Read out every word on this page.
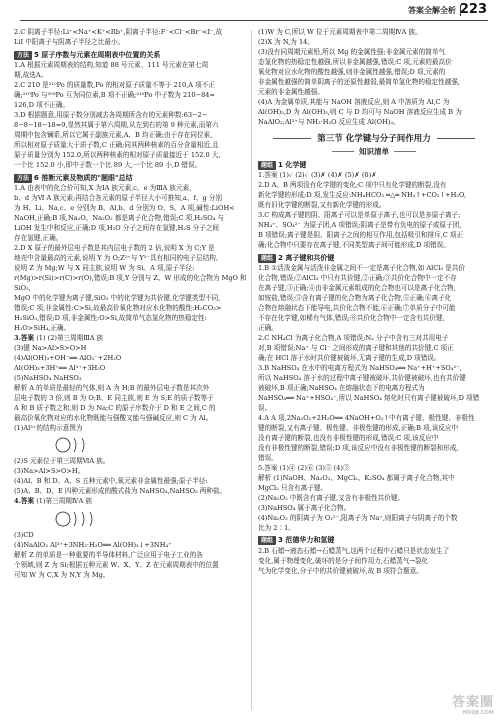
答案全解全析 223

2.C 阴离子半径:Li⁺<Na⁺<K⁺<Rb⁺,阴离子半径:F⁻<Cl⁻<Br⁻<I⁻,故

LiI 中阳离子与阴离子半径之比最小。

方法 5 原子序数与元素在周期表中位置的关系

1.A 根据元素周期表的结构,知道 88 号元素、111 号元素在第七周

期,故选A。

2.C 210 是²¹⁰Po 的质量数,Po 的相对原子质量不等于 210,A 项不正

确;²¹⁰Po 与²⁰⁹Po 互为同位素,B 项不正确;²¹⁰Po 中子数为 210−84=

126,D 项不正确。

3.D 根据题意,用原子数分别减去各周期所含有的元素种数:63−2−

8−8−18−18=9,显然其属于第六周期,从左到右的第 9 种元素,而第六

周期中包含镧系,所以它属于副族元素,A、B 均正确;由于存在同位素,

所以相对原子质量大于质子数,C 正确;同其两种核素的百分含量相近,且

原子质量分别为 152.0,所以两种核素的相对原子质量接近于 152.0 大,

一个比 152.0 小,即中子数一个比 89 大,一个比 89 小,D 错误。

方法 6 推断元素及物质的"题眼"总结

1.A 由表中的化合价可知,X 为ⅠA 族元素,c、e 为ⅢA 族元素,

b、d 为Ⅵ A 族元素;再结合各元素的原子半径大小可推知,a、f、g 分别

为 H、Li、Na,c、e 分别为 B、Al,b、d 分别为 O、S。A 项,碱性:LiOH<

NaOH,正确;B 项,Na₂O、Na₂O₂ 都是离子化合物,错误;C 项,H₂SO₄ 与

LiOH 发生中和反应,正确;D 项,H₂O 分子之间存在氢键,H₂S 分子之间

存在氢键,正确。

2.D X 原子的最外层电子数是其内层电子数的 2 倍,说明 X 为 C;Y 是

地壳中含量最高的元素,说明 Y 为 O;Z²⁺与 Y²⁻具有相同的电子层结构,

说明 Z 为 Mg;W 与 X 同主族,说明 W 为 Si。A 项,原子半径:

r(Mg)>r(Si)>r(C)>r(O),错误;B 项,Y 分别与 Z、W 形成的化合物为 MgO 和 SiO₂,

MgO 中的化学键为离子键,SiO₂ 中的化学键为共价键,化学键类型不同,

错误;C 项,非金属性:C>Si,故最高价氧化物对应水化物的酸性:H₂CO₃>

H₂SiO₃,错误;D 项,非金属性:O>Si,故简单气态氢化物的热稳定性:

H₂O>SiH₄,正确。

3.答案 (1) (2)第三周期ⅢA 族

(3)键 Na>Al>S>O>H

(4)Al(OH)₃+OH⁻══ AlO₂⁻+2H₂O

Al(OH)₃+3H⁺══ Al³⁺+3H₂O

(5)NaHSO₄ NaHSO₃

解析 A 的单质是最轻的气体,则 A 为 H;B 的最外层电子数是其次外

层电子数的 3 倍,则 B 为 O;B、E 同主族,则 E 为 S;E 的质子数等于

A 和 B 质子数之和,则 D 为 Na;C 的原子序数介于 D 和 E 之间,C 的

最高价氧化物对应的水化物既能与强酸又能与强碱反应,则 C 为 Al。

(1)Al³⁺的结构示意图为

(2)S 元素位于第三周期ⅥA 族。

(3)Na>Al>S>O>H。

(4)Al、B 和 D、A、S 五种元素中,氧元素非金属性最强;原子半径:

(5)A、B、D、E 四种元素形成的酸式盐为 NaHSO₄,NaHSO₃ 两种盐。

4.答案 (1)第三周期ⅣA 族

(3)CD

(4)NaAlO₂ Al³⁺+3NH₃·H₂O══ Al(OH)₃↓+3NH₄⁺

解析 Z 的单质是一种重要的半导体材料,广泛应用于电子工业的各

个领域,则 Z 为 Si;根据五种元素 W、X、Y、Z 在元素周期表中的位置

可知 W 为 C,X 为 N,Y 为 Mg。

(1)W 为 C,所以 W 位于元素周期表中第二周期ⅣA 族。

(2)X 为 N,为 14。

(3)没有同周期元素铅,所以 Mg 的金属性强;非金属元素的简单气

态氢化物的热稳定性越强,所以非金属越强,错误;C 项,元素的最高价

氧化物对应水化物的酸性越强,则非金属性越强,错误;D 项,元素的

非金属性越强的简单阴离子的还原性越弱,最简单氢化物的稳定性越强,

元素的非金属性越强。

(4)A 为金属单质,其能与 NaOH 溶液反应,则 A 中溶质为 Al,C 为

Al(OH)₃,D 为 Al(OH)₃,则 C 与 D 均可与 NaOH 溶液反应生成 B 为

NaAlO₂;Al³⁺与 NH₃·H₂O 反应生成 Al(OH)₃。

第三节 化学键与分子间作用力
知识清单
题组 1 化学键

1.答案 (1)✓ (2)✓ (3)✗ (4)✗ (5)✗ (6)✗

2.D A、B 两项没有化学键的变化;C 项中只有化学键的断裂,没有

新化学键的形成;D 项,发生反应:NH₄HCO₃ ═△═ NH₃↑+CO₂↑+H₂O,

既有旧化学键的断裂,又有新化学键的形成。

3.C 构成离子键的阴、阳离子可以是单原子离子,也可以是多原子离子;

NH₄⁺、SO₄²⁻ 为原子团,A 项错误;阴离子是带有负电的原子或原子团,

B 项错误;离子键是阴、阳离子之间的相互作用,包括吸引和排斥,C 项正

确;化合物中只要存在离子键,不同类型离子间可能形成,D 项错误。

题组 2 离子键和共价键

1.B ①活泼金属与活泼非金属之间不一定是离子化合物,如 AlCl₃ 是共价

化合物,错误;②AlCl₃ 中只有共价键,②正确;③共价化合物中一定不存

在离子键,③正确;④由非金属元素组成的化合物也可以是离子化合物,

如铵盐,错误;⑤含有离子键的化合物为离子化合物,⑤正确;⑥离子化

合物在熔融状态下能导电,共价化合物不能,⑥正确;⑦单质分子中可能

不存在化学键,如稀有气体,错误;⑧共价化合物中一定含有共价键,

正确。

2.C NH₄Cl 为离子化合物,A 项错误;N₂ 分子中含有三对共用电子

对,B 项错误;Na⁺ 与 Cl⁻ 之间形成的离子键和其他的共价键,C 项正

确;在 HCl 溶于水时共价键被破坏,无离子键的生成,D 项错误。

3.B NaHSO₄ 在水中的电离方程式为 NaHSO₄══ Na⁺+H⁺+SO₄²⁻,

所以 NaHSO₄ 溶于水的过程中离子键被破坏,共价键被破坏,也有共价键

被破坏,B 项正确;NaHSO₄ 在熔融状态下的电离方程式为

NaHSO₄══ Na⁺+HSO₄⁻,所以 NaHSO₄ 熔化时只有离子键被破坏,D 项错误。

4.A A 项,2Na₂O₂+2H₂O══ 4NaOH+O₂↑中有离子键、极性键、非极性

键的断裂,又有离子键、极性键、非极性键的形成,正确;B 项,该反应中

没有离子键的断裂,也没有非极性键的形成,错误;C 项,该反应中

没有非极性键的断裂,错误;D 项,该反应中没有非极性键的断裂和形成,

错误。

5.答案 (1)④ (2)⑥ (3)⑤ (4)③

解析 (1)NaOH、Na₂O₂、MgCl₂、K₂SO₄ 都属于离子化合物,其中

MgCl₂ 只含有离子键。

(2)Na₂O₂ 中既含有离子键,又含有非极性共价键。

(3)NaHSO₄ 属于离子化合物。

(4)Na₂O₂ 的阴离子为 O₂²⁻,阳离子为 Na⁺,则阳离子与阴离子的个数

比为 2∶1。

题组 3 范德华力和氢键

2.B 石蜡→液态石蜡→石蜡蒸气,这两个过程中石蜡只是状态发生了

变化,属于物理变化,破坏的是分子间作用力,石蜡蒸气→裂化

气为化学变化,分子中的共价键被破坏,故 B 项符合题意。

答案圈
MXQE.COM
